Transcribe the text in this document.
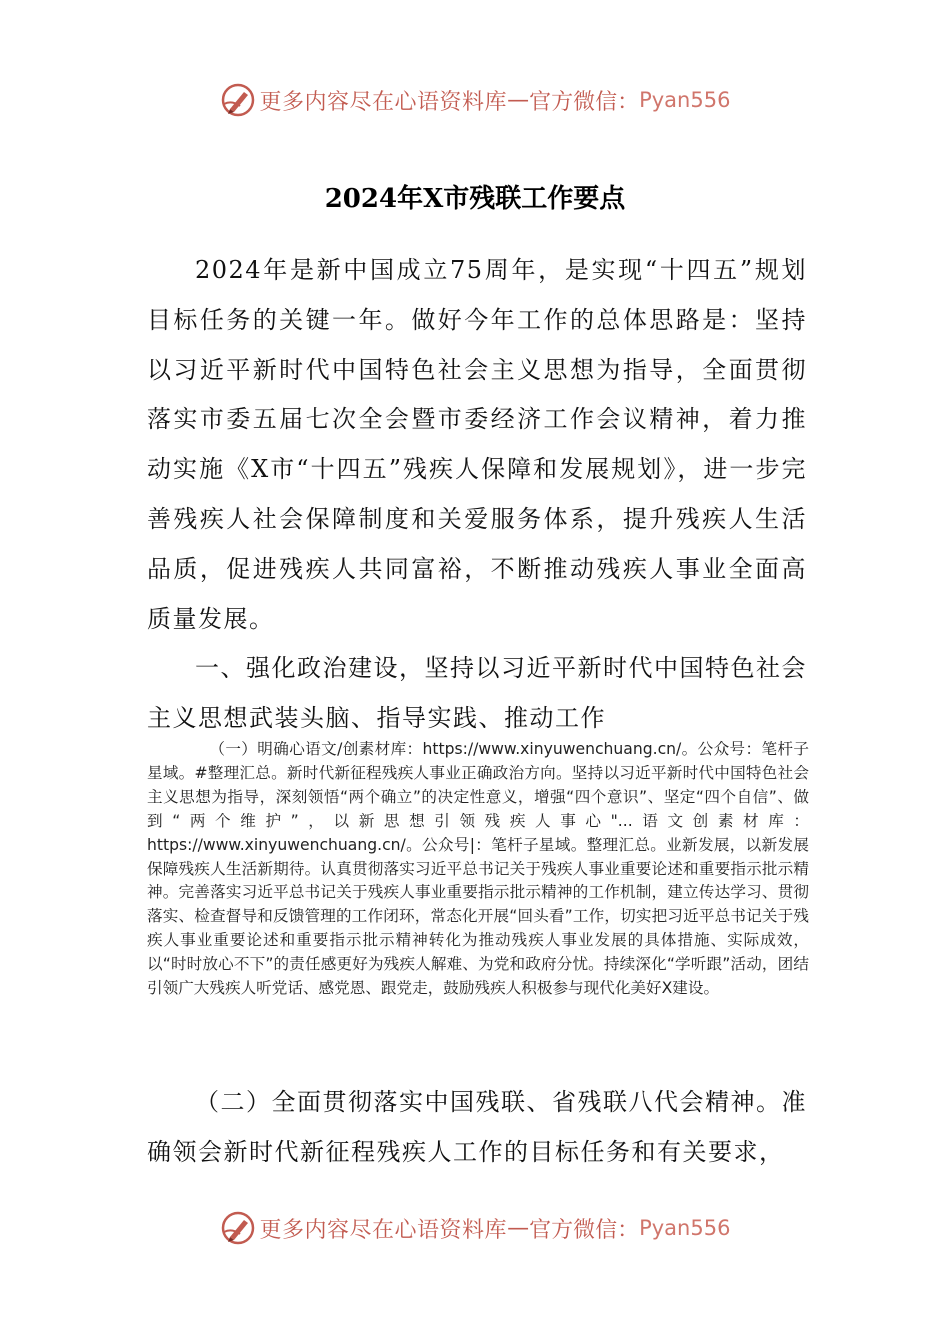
更多内容尽在心语资料库 — 官方微信： Pyan556
2024年X市残联工作要点

2024年是新中国成立75周年，是实现“十四五”规划目标任务的关键一年。做好今年工作的总体思路是：坚持以习近平新时代中国特色社会主义思想为指导，全面贯彻落实市委五届七次全会暨市委经济工作会议精神，着力推动实施《X市“十四五”残疾人保障和发展规划》，进一步完善残疾人社会保障制度和关爱服务体系，提升残疾人生活品质，促进残疾人共同富裕，不断推动残疾人事业全面高质量发展。

一、强化政治建设，坚持以习近平新时代中国特色社会主义思想武装头脑、指导实践、推动工作

（一）明确心语文/创素材库：https://www.xinyuwenchuang.cn/。公众号：笔杆子星域。#整理汇总。新时代新征程残疾人事业正确政治方向。坚持以习近平新时代中国特色社会主义思想为指导，深刻领悟“两个确立”的决定性意义，增强“四个意识”、坚定“四个自信”、做到“两个维护”，以新思想引领残疾人事心"...语文创素材库：https://www.xinyuwenchuang.cn/。公众号|：笔杆子星域。整理汇总。业新发展，以新发展保障残疾人生活新期待。认真贯彻落实习近平总书记关于残疾人事业重要论述和重要指示批示精神。完善落实习近平总书记关于残疾人事业重要指示批示精神的工作机制，建立传达学习、贯彻落实、检查督导和反馈管理的工作闭环，常态化开展“回头看”工作，切实把习近平总书记关于残疾人事业重要论述和重要指示批示精神转化为推动残疾人事业发展的具体措施、实际成效，以“时时放心不下”的责任感更好为残疾人解难、为党和政府分忧。持续深化“学听跟”活动，团结引领广大残疾人听党话、感党恩、跟党走，鼓励残疾人积极参与现代化美好X建设。

（二）全面贯彻落实中国残联、省残联八代会精神。准确领会新时代新征程残疾人工作的目标任务和有关要求，

更多内容尽在心语资料库 — 官方微信： Pyan556
